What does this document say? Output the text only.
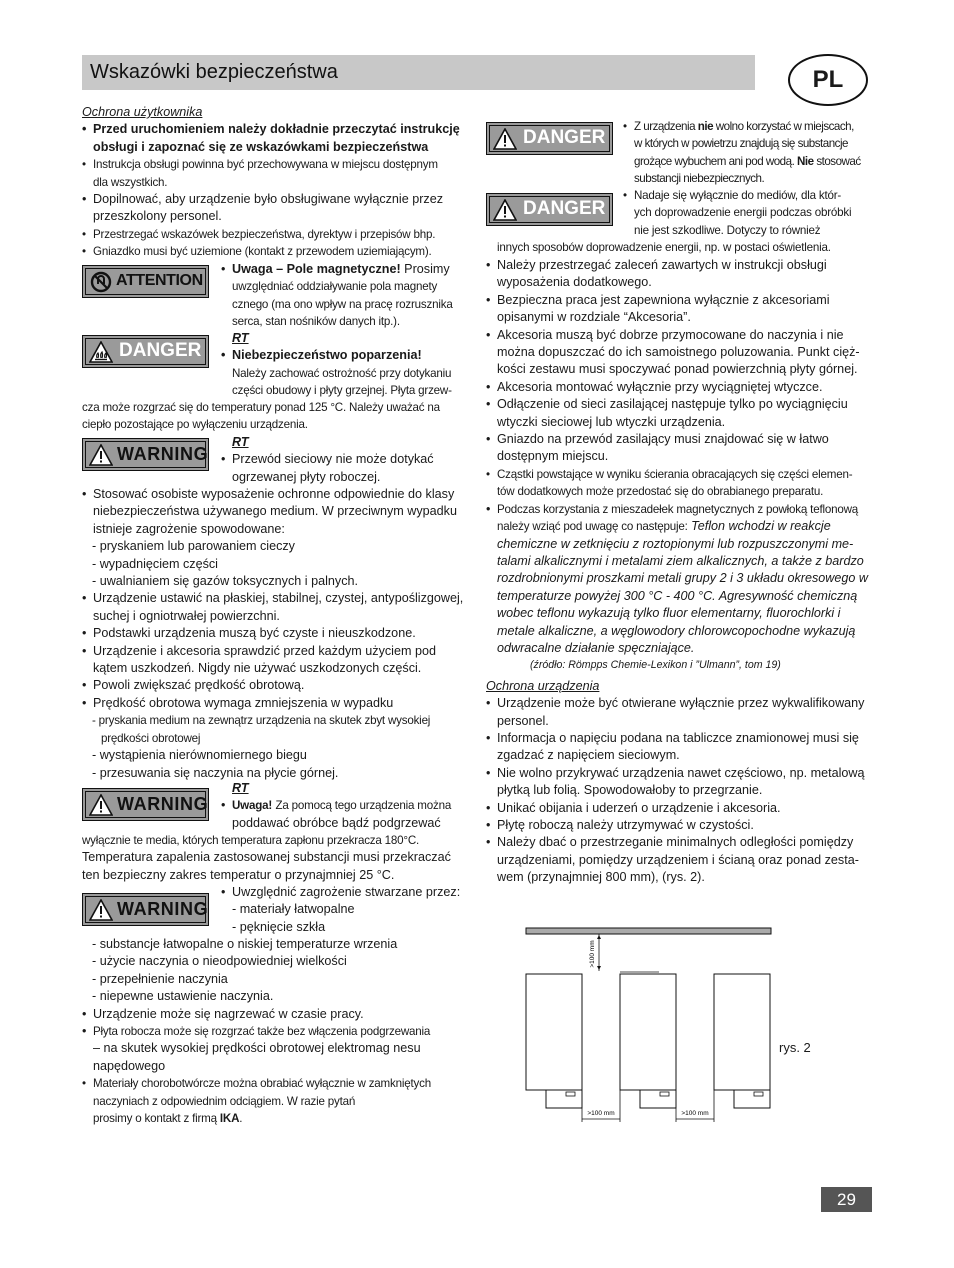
Wskazówki bezpieczeństwa	PL
Ochrona użytkownika
• Przed uruchomieniem należy dokładnie przeczytać instrukcję
obsługi i zapoznać się ze wskazówkami bezpieczeństwa
• Instrukcja obsługi powinna być przechowywana w miejscu dostępnym
dla wszystkich.
• Dopilnować, aby urządzenie było obsługiwane wyłącznie przez
przeszkolony personel.
• Przestrzegać wskazówek bezpieczeństwa, dyrektyw i przepisów bhp.
• Gniazdko musi być uziemione (kontakt z przewodem uziemiającym).
ATTENTION
• Uwaga – Pole magnetyczne! Prosimy
uwzględniać oddziaływanie pola magnety
cznego (ma ono wpływ na pracę rozrusznika
serca, stan nośników danych itp.).
DANGER
RT
• Niebezpieczeństwo poparzenia!
Należy zachować ostrożność przy dotykaniu
części obudowy i płyty grzejnej. Płyta grzew-
cza może rozgrzać się do temperatury ponad 125 °C. Należy uważać na
ciepło pozostające po wyłączeniu urządzenia.
WARNING
RT
• Przewód sieciowy nie może dotykać
ogrzewanej płyty roboczej.
• Stosować osobiste wyposażenie ochronne odpowiednie do klasy
niebezpieczeństwa używanego medium. W przeciwnym wypadku
istnieje zagrożenie spowodowane:
- pryskaniem lub parowaniem cieczy
- wypadnięciem części
- uwalnianiem się gazów toksycznych i palnych.
• Urządzenie ustawić na płaskiej, stabilnej, czystej, antypoślizgowej,
suchej i ogniotrwałej powierzchni.
• Podstawki urządzenia muszą być czyste i nieuszkodzone.
• Urządzenie i akcesoria sprawdzić przed każdym użyciem pod
kątem uszkodzeń. Nigdy nie używać uszkodzonych części.
• Powoli zwiększać prędkość obrotową.
• Prędkość obrotowa wymaga zmniejszenia w wypadku
- pryskania medium na zewnątrz urządzenia na skutek zbyt wysokiej
prędkości obrotowej
- wystąpienia nierównomiernego biegu
- przesuwania się naczynia na płycie górnej.
WARNING
RT
• Uwaga! Za pomocą tego urządzenia można
poddawać obróbce bądź podgrzewać
wyłącznie te media, których temperatura zapłonu przekracza 180°C.
Temperatura zapalenia zastosowanej substancji musi przekraczać
ten bezpieczny zakres temperatur o przynajmniej 25 °C.
WARNING
• Uwzględnić zagrożenie stwarzane przez:
- materiały łatwopalne
- pęknięcie szkła
- substancje łatwopalne o niskiej temperaturze wrzenia
- użycie naczynia o nieodpowiedniej wielkości
- przepełnienie naczynia
- niepewne ustawienie naczynia.
• Urządzenie może się nagrzewać w czasie pracy.
• Płyta robocza może się rozgrzać także bez włączenia podgrzewania
– na skutek wysokiej prędkości obrotowej elektromag nesu
napędowego
• Materiały chorobotwórcze można obrabiać wyłącznie w zamkniętych
naczyniach z odpowiednim odciągiem. W razie pytań
prosimy o kontakt z firmą IKA.
DANGER
• Z urządzenia nie wolno korzystać w miejscach,
w których w powietrzu znajdują się substancje
grożące wybuchem ani pod wodą. Nie stosować
substancji niebezpiecznych.
DANGER
• Nadaje się wyłącznie do mediów, dla któr-
ych doprowadzenie energii podczas obróbki
nie jest szkodliwe. Dotyczy to również
innych sposobów doprowadzenie energii, np. w postaci oświetlenia.
• Należy przestrzegać zaleceń zawartych w instrukcji obsługi
wyposażenia dodatkowego.
• Bezpieczna praca jest zapewniona wyłącznie z akcesoriami
opisanymi w rozdziale “Akcesoria”.
• Akcesoria muszą być dobrze przymocowane do naczynia i nie
można dopuszczać do ich samoistnego poluzowania. Punkt cięż-
kości zestawu musi spoczywać ponad powierzchnią płyty górnej.
• Akcesoria montować wyłącznie przy wyciągniętej wtyczce.
• Odłączenie od sieci zasilającej następuje tylko po wyciągnięciu
wtyczki sieciowej lub wtyczki urządzenia.
• Gniazdo na przewód zasilający musi znajdować się w łatwo
dostępnym miejscu.
• Cząstki powstające w wyniku ścierania obracających się części elemen-
tów dodatkowych może przedostać się do obrabianego preparatu.
• Podczas korzystania z mieszadełek magnetycznych z powłoką teflonową
należy wziąć pod uwagę co następuje: Teflon wchodzi w reakcje
chemiczne w zetknięciu z roztopionymi lub rozpuszczonymi me-
talami alkalicznymi i metalami ziem alkalicznych, a także z bardzo
rozdrobnionymi proszkami metali grupy 2 i 3 układu okresowego w
temperaturze powyżej 300 °C - 400 °C. Agresywność chemiczną
wobec teflonu wykazują tylko fluor elementarny, fluorochlorki i
metale alkaliczne, a węglowodory chlorowcopochodne wykazują
odwracalne działanie spęczniające.
(źródło: Römpps Chemie-Lexikon i ”Ulmann”, tom 19)
Ochrona urządzenia
• Urządzenie może być otwierane wyłącznie przez wykwalifikowany
personel.
• Informacja o napięciu podana na tabliczce znamionowej musi się
zgadzać z napięciem sieciowym.
• Nie wolno przykrywać urządzenia nawet częściowo, np. metalową
płytką lub folią. Spowodowałoby to przegrzanie.
• Unikać obijania i uderzeń o urządzenie i akcesoria.
• Płytę roboczą należy utrzymywać w czystości.
• Należy dbać o przestrzeganie minimalnych odległości pomiędzy
urządzeniami, pomiędzy urządzeniem i ścianą oraz ponad zesta-
wem (przynajmniej 800 mm), (rys. 2).
>100 mm
>100 mm	>100 mm
rys. 2
29
